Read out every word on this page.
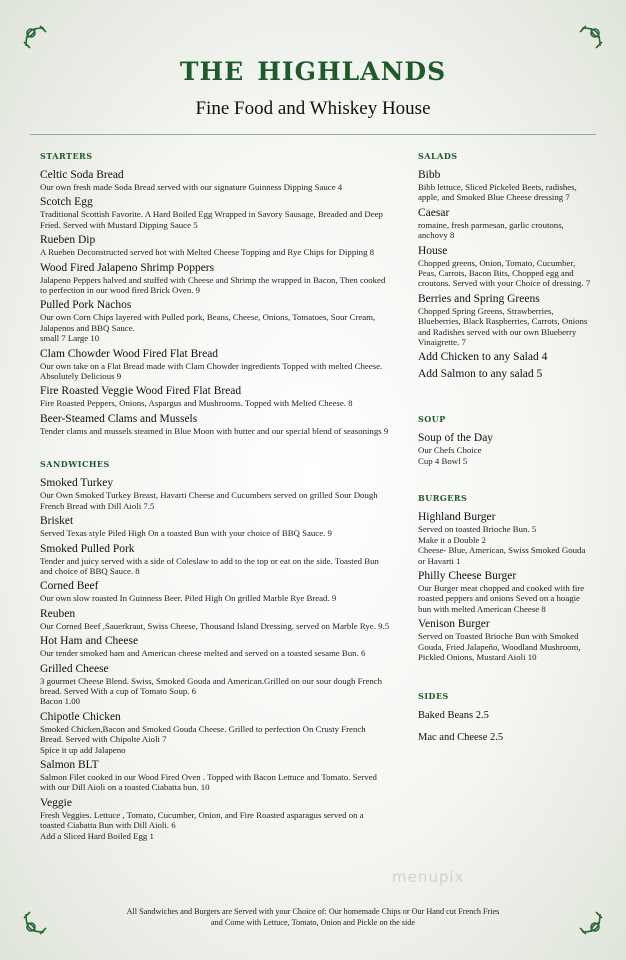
the highlands
Fine Food and Whiskey House
starters
Celtic Soda Bread
Our own fresh made Soda Bread served with our signature Guinness Dipping Sauce 4
Scotch Egg
Traditional Scottish Favorite. A Hard Boiled Egg Wrapped in Savory Sausage, Breaded and Deep Fried. Served with Mustard Dipping Sauce 5
Rueben Dip
A Rueben Deconstructed served hot with Melted Cheese Topping and Rye Chips for Dipping 8
Wood Fired Jalapeno Shrimp Poppers
Jalapeno Peppers halved and stuffed with Cheese and Shrimp the wrapped in Bacon, Then cooked to perfection in our wood fired Brick Oven. 9
Pulled Pork Nachos
Our own Corn Chips layered with Pulled pork, Beans, Cheese, Onions, Tomatoes, Sour Cream, Jalapenos and BBQ Sauce.
small 7 Large 10
Clam Chowder Wood Fired Flat Bread
Our own take on a Flat Bread made with Clam Chowder ingredients Topped with melted Cheese. Absolutely Delicious 9
Fire Roasted Veggie Wood Fired Flat Bread
Fire Roasted Peppers, Onions, Aspargus and Mushrooms. Topped with Melted Cheese. 8
Beer-Steamed Clams and Mussels
Tender clams and mussels steamed in Blue Moon with butter and our special blend of seasonings 9
sandwiches
Smoked Turkey
Our Own Smoked Turkey Breast, Havarti Cheese and Cucumbers served on grilled Sour Dough French Bread with Dill Aioli 7.5
Brisket
Served Texas style Piled High On a toasted Bun with your choice of BBQ Sauce. 9
Smoked Pulled Pork
Tender and juicy served with a side of Coleslaw to add to the top or eat on the side. Toasted Bun and choice of BBQ Sauce. 8
Corned Beef
Our own slow roasted In Guinness Beer. Piled High On grilled Marble Rye Bread. 9
Reuben
Our Corned Beef ,Sauerkraut, Swiss Cheese, Thousand Island Dressing. served on Marble Rye. 9.5
Hot Ham and Cheese
Our tender smoked ham and American cheese melted and served on a toasted sesame Bun. 6
Grilled Cheese
3 gourmet Cheese Blend. Swiss, Smoked Gouda and American.Grilled on our sour dough French bread. Served With a cup of Tomato Soup. 6
Bacon 1.00
Chipotle Chicken
Smoked Chicken,Bacon and Smoked Gouda Cheese. Grilled to perfection On Crusty French Bread. Served with Chipolte Aioli 7
Spice it up add Jalapeno
Salmon BLT
Salmon Filet cooked in our Wood Fired Oven . Topped with Bacon Lettuce and Tomato. Served with our Dill Aioli on a toasted Ciabatta bun. 10
Veggie
Fresh Veggies. Lettuce , Tomato, Cucumber, Onion, and Fire Roasted asparagus served on a toasted Ciabatta Bun with Dill Aioli. 6
Add a Sliced Hard Boiled Egg 1
salads
Bibb
Bibb lettuce, Sliced Pickeled Beets, radishes, apple, and Smoked Blue Cheese dressing 7
Caesar
romaine, fresh parmesan, garlic croutons, anchovy 8
House
Chopped greens, Onion, Tomato, Cucumber, Peas, Carrots, Bacon Bits, Chopped egg and croutons. Served with your Choice of dressing. 7
Berries and Spring Greens
Chopped Spring Greens, Strawberries, Blueberries, Black Raspberries, Carrots, Onions and Radishes served with our own Blueberry Vinaigrette. 7
Add Chicken to any Salad 4
Add Salmon to any salad 5
soup
Soup of the Day
Our Chefs Choice
Cup 4 Bowl 5
burgers
Highland Burger
Served on toasted Brioche Bun. 5
Make it a Double 2
Cheese- Blue, American, Swiss Smoked Gouda or Havarti 1
Philly Cheese Burger
Our Burger meat chopped and cooked with fire roasted peppers and onions Seved on a hoagie bun with melted American Cheese 8
Venison Burger
Served on Toasted Brioche Bun with Smoked Gouda, Fried Jalapeño, Woodland Mushroom,
Pickled Onions, Mustard Aioli 10
sides
Baked Beans 2.5
Mac and Cheese 2.5
menupix
All Sandwiches and Burgers are Served with your Choice of: Our homemade Chips or Our Hand cut French Fries
and Come with Lettuce, Tomato, Onion and Pickle on the side
